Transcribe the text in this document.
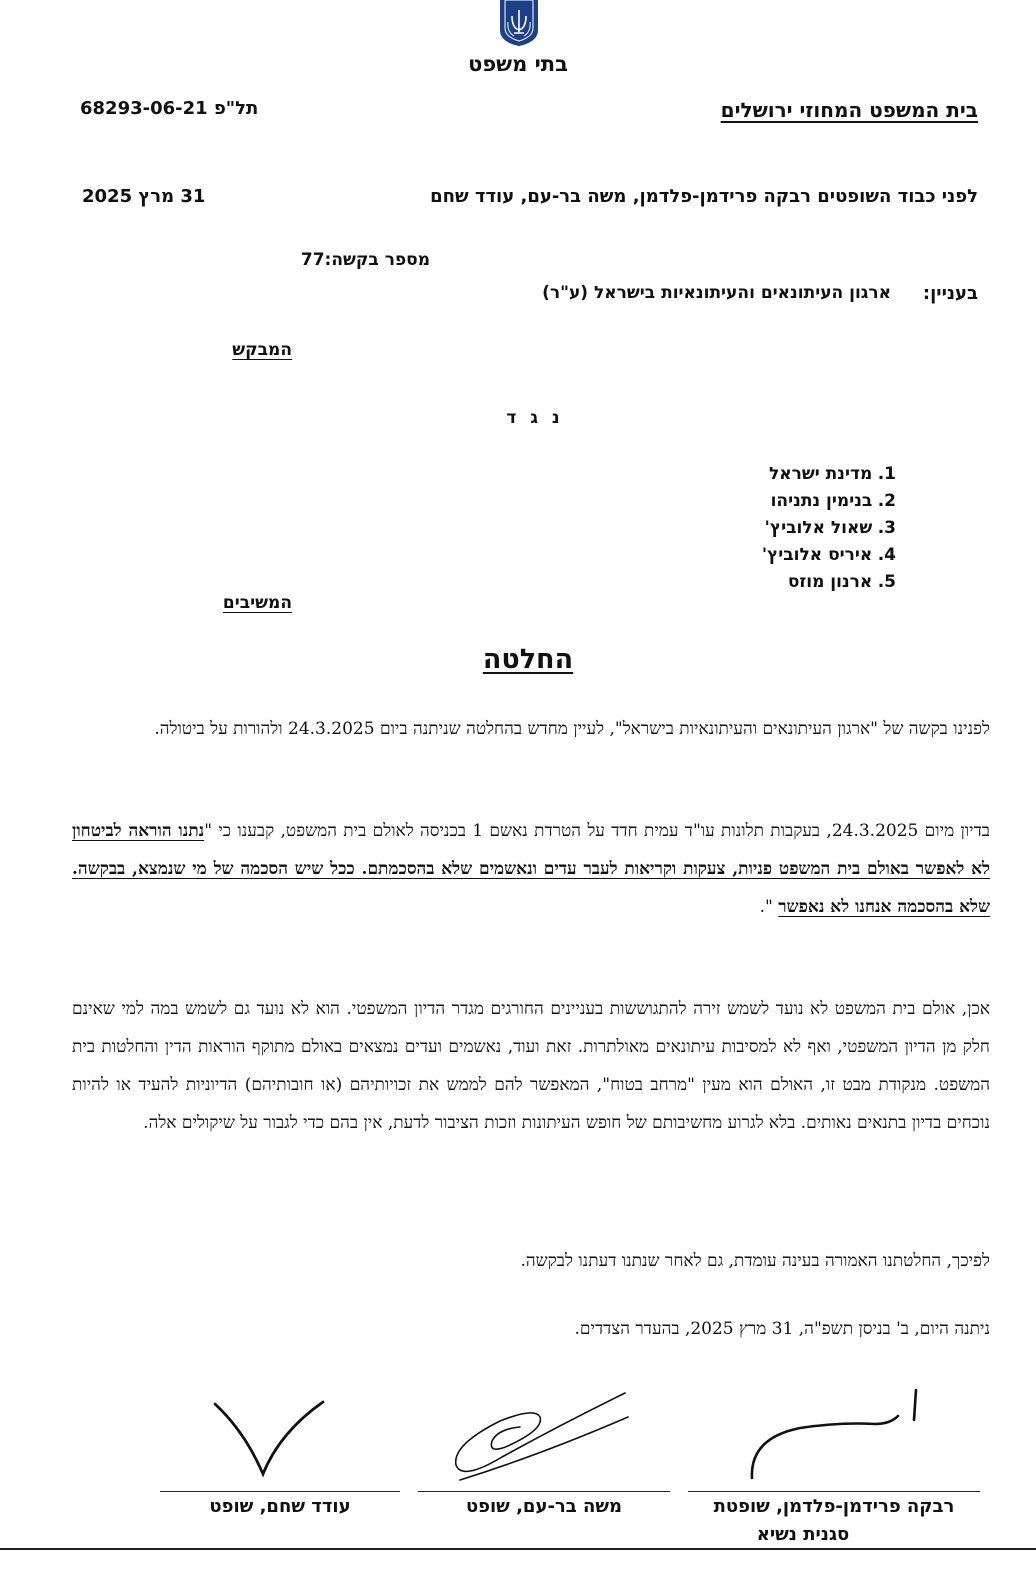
בתי משפט
בית המשפט המחוזי ירושלים
תל"פ 68293-06-21
לפני כבוד השופטים רבקה פרידמן-פלדמן, משה בר-עם, עודד שחם
31 מרץ 2025
מספר בקשה:77
בעניין:
ארגון העיתונאים והעיתונאיות בישראל (ע"ר)
המבקש
נ ג ד
1. מדינת ישראל
2. בנימין נתניהו
3. שאול אלוביץ'
4. איריס אלוביץ'
5. ארנון מוזס
המשיבים
החלטה

לפנינו בקשה של "ארגון העיתונאים והעיתונאיות בישראל", לעיין מחדש בהחלטה שניתנה ביום 24.3.2025 ולהורות על ביטולה.

בדיון מיום 24.3.2025, בעקבות תלונות עו"ד עמית חדד על הטרדת נאשם 1 בכניסה לאולם בית המשפט, קבענו כי "נתנו הוראה לביטחון לא לאפשר באולם בית המשפט פניות, צעקות וקריאות לעבר עדים ונאשמים שלא בהסכמתם. ככל שיש הסכמה של מי שנמצא, בבקשה. שלא בהסכמה אנחנו לא נאפשר ".

אכן, אולם בית המשפט לא נועד לשמש זירה להתגוששות בעניינים החורגים מגדר הדיון המשפטי. הוא לא נועד גם לשמש במה למי שאינם חלק מן הדיון המשפטי, ואף לא למסיבות עיתונאים מאולתרות. זאת ועוד, נאשמים ועדים נמצאים באולם מתוקף הוראות הדין והחלטות בית המשפט. מנקודת מבט זו, האולם הוא מעין "מרחב בטוח", המאפשר להם לממש את זכויותיהם (או חובותיהם) הדיוניות להעיד או להיות נוכחים בדיון בתנאים נאותים. בלא לגרוע מחשיבותם של חופש העיתונות וזכות הציבור לדעת, אין בהם כדי לגבור על שיקולים אלה.

לפיכך, החלטתנו האמורה בעינה עומדת, גם לאחר שנתנו דעתנו לבקשה.

ניתנה היום, ב' בניסן תשפ"ה, 31 מרץ 2025, בהעדר הצדדים.

רבקה פרידמן-פלדמן, שופטת
סגנית נשיא
משה בר-עם, שופט
עודד שחם, שופט
